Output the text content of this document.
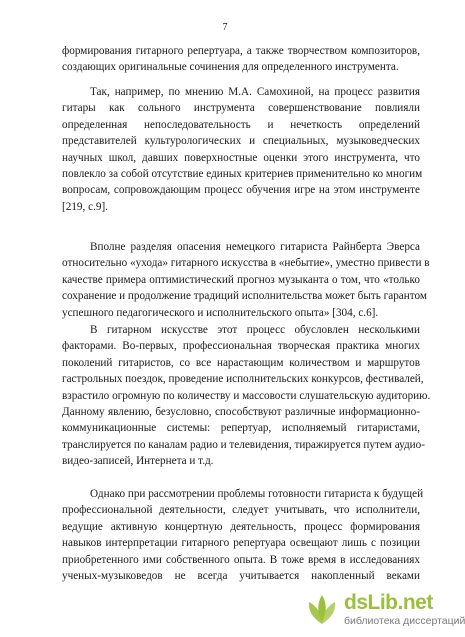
7
формирования гитарного репертуара, а также творчеством композиторов,
создающих оригинальные сочинения для определенного инструмента.
Так, например, по мнению М.А. Самохиной, на процесс развития
гитары как сольного инструмента совершенствование повлияли
определенная непоследовательность и нечеткость определений
представителей культурологических и специальных, музыковедческих
научных школ, давших поверхностные оценки этого инструмента, что
повлекло за собой отсутствие единых критериев применительно ко многим
вопросам, сопровождающим процесс обучения игре на этом инструменте
[219, с.9].
Вполне разделяя опасения немецкого гитариста Райнберта Эверса
относительно «ухода» гитарного искусства в «небытие», уместно привести в
качестве примера оптимистический прогноз музыканта о том, что «только
сохранение и продолжение традиций исполнительства может быть гарантом
успешного педагогического и исполнительского опыта» [304, с.6].
В гитарном искусстве этот процесс обусловлен несколькими
факторами. Во-первых, профессиональная творческая практика многих
поколений гитаристов, со все нарастающим количеством и маршрутов
гастрольных поездок, проведение исполнительских конкурсов, фестивалей,
взрастило огромную по количеству и массовости слушательскую аудиторию.
Данному явлению, безусловно, способствуют различные информационно-
коммуникационные системы: репертуар, исполняемый гитаристами,
транслируется по каналам радио и телевидения, тиражируется путем аудио-
видео-записей, Интернета и т.д.
Однако при рассмотрении проблемы готовности гитариста к будущей
профессиональной деятельности, следует учитывать, что исполнители,
ведущие активную концертную деятельность, процесс формирования
навыков интерпретации гитарного репертуара освещают лишь с позиции
приобретенного ими собственного опыта. В тоже время в исследованиях
ученых-музыковедов не всегда учитывается накопленный веками
dsLib.net
библиотека диссертаций
